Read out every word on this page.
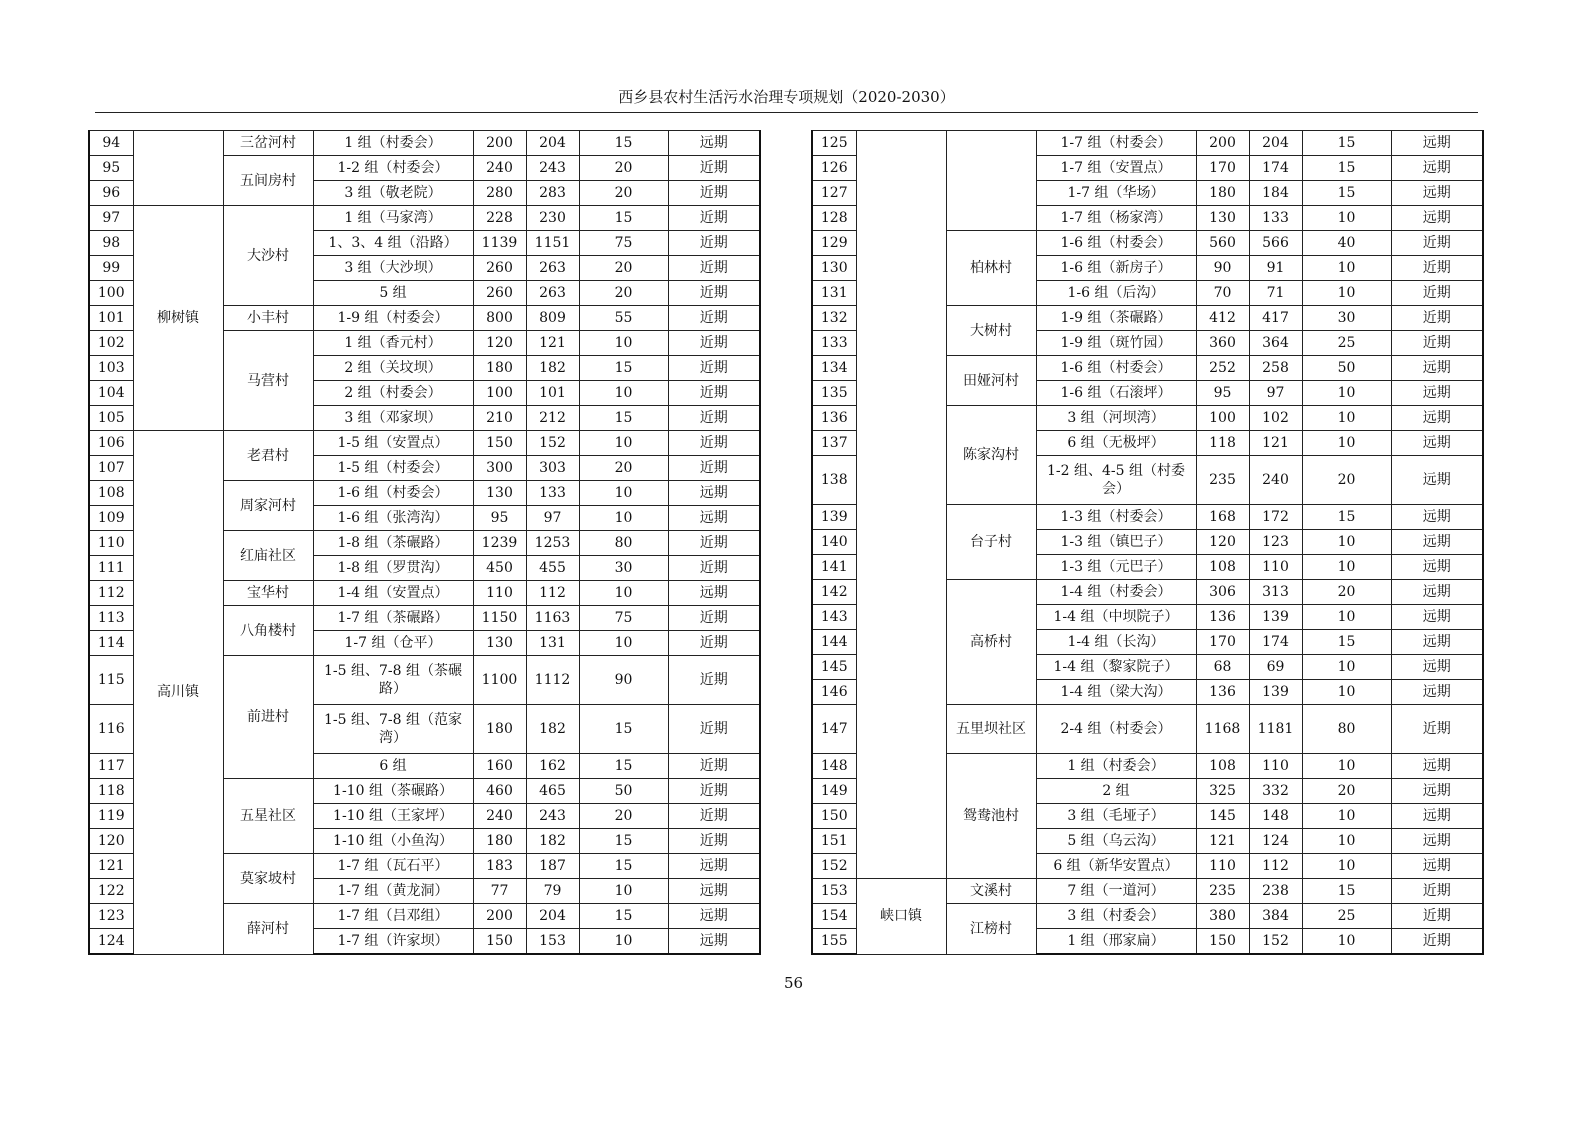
西乡县农村生活污水治理专项规划（2020-2030）
94		三岔河村	1 组（村委会）	200	204	15	远期
95		五间房村	1-2 组（村委会）	240	243	20	近期
96			3 组（敬老院）	280	283	20	近期
97	柳树镇	大沙村	1 组（马家湾）	228	230	15	近期
98			1、3、4 组（沿路）	1139	1151	75	近期
99			3 组（大沙坝）	260	263	20	近期
100			5 组	260	263	20	近期
101		小丰村	1-9 组（村委会）	800	809	55	近期
102		马营村	1 组（香元村）	120	121	10	近期
103			2 组（关坟坝）	180	182	15	近期
104			2 组（村委会）	100	101	10	近期
105			3 组（邓家坝）	210	212	15	近期
106	高川镇	老君村	1-5 组（安置点）	150	152	10	近期
107			1-5 组（村委会）	300	303	20	近期
108		周家河村	1-6 组（村委会）	130	133	10	远期
109			1-6 组（张湾沟）	95	97	10	远期
110		红庙社区	1-8 组（茶碾路）	1239	1253	80	近期
111			1-8 组（罗贯沟）	450	455	30	近期
112		宝华村	1-4 组（安置点）	110	112	10	远期
113		八角楼村	1-7 组（茶碾路）	1150	1163	75	近期
114			1-7 组（仓平）	130	131	10	近期
115		前进村	1-5 组、7-8 组（茶碾路）	1100	1112	90	近期
116			1-5 组、7-8 组（范家湾）	180	182	15	近期
117			6 组	160	162	15	近期
118		五星社区	1-10 组（茶碾路）	460	465	50	近期
119			1-10 组（王家坪）	240	243	20	近期
120			1-10 组（小鱼沟）	180	182	15	近期
121		莫家坡村	1-7 组（瓦石平）	183	187	15	远期
122			1-7 组（黄龙洞）	77	79	10	远期
123		薛河村	1-7 组（吕邓组）	200	204	15	远期
124			1-7 组（许家坝）	150	153	10	远期
125			1-7 组（村委会）	200	204	15	远期
126			1-7 组（安置点）	170	174	15	远期
127			1-7 组（华场）	180	184	15	远期
128			1-7 组（杨家湾）	130	133	10	远期
129		柏林村	1-6 组（村委会）	560	566	40	近期
130			1-6 组（新房子）	90	91	10	近期
131			1-6 组（后沟）	70	71	10	近期
132		大树村	1-9 组（茶碾路）	412	417	30	近期
133			1-9 组（斑竹园）	360	364	25	近期
134		田娅河村	1-6 组（村委会）	252	258	50	远期
135			1-6 组（石滚坪）	95	97	10	远期
136		陈家沟村	3 组（河坝湾）	100	102	10	远期
137			6 组（无极坪）	118	121	10	远期
138			1-2 组、4-5 组（村委会）	235	240	20	远期
139		台子村	1-3 组（村委会）	168	172	15	远期
140			1-3 组（镇巴子）	120	123	10	远期
141			1-3 组（元巴子）	108	110	10	远期
142		高桥村	1-4 组（村委会）	306	313	20	远期
143			1-4 组（中坝院子）	136	139	10	远期
144			1-4 组（长沟）	170	174	15	远期
145			1-4 组（黎家院子）	68	69	10	远期
146			1-4 组（梁大沟）	136	139	10	远期
147		五里坝社区	2-4 组（村委会）	1168	1181	80	近期
148		鸳鸯池村	1 组（村委会）	108	110	10	远期
149			2 组	325	332	20	远期
150			3 组（毛垭子）	145	148	10	远期
151			5 组（乌云沟）	121	124	10	远期
152			6 组（新华安置点）	110	112	10	远期
153	峡口镇	文溪村	7 组（一道河）	235	238	15	近期
154		江榜村	3 组（村委会）	380	384	25	近期
155			1 组（邢家扁）	150	152	10	近期
56
